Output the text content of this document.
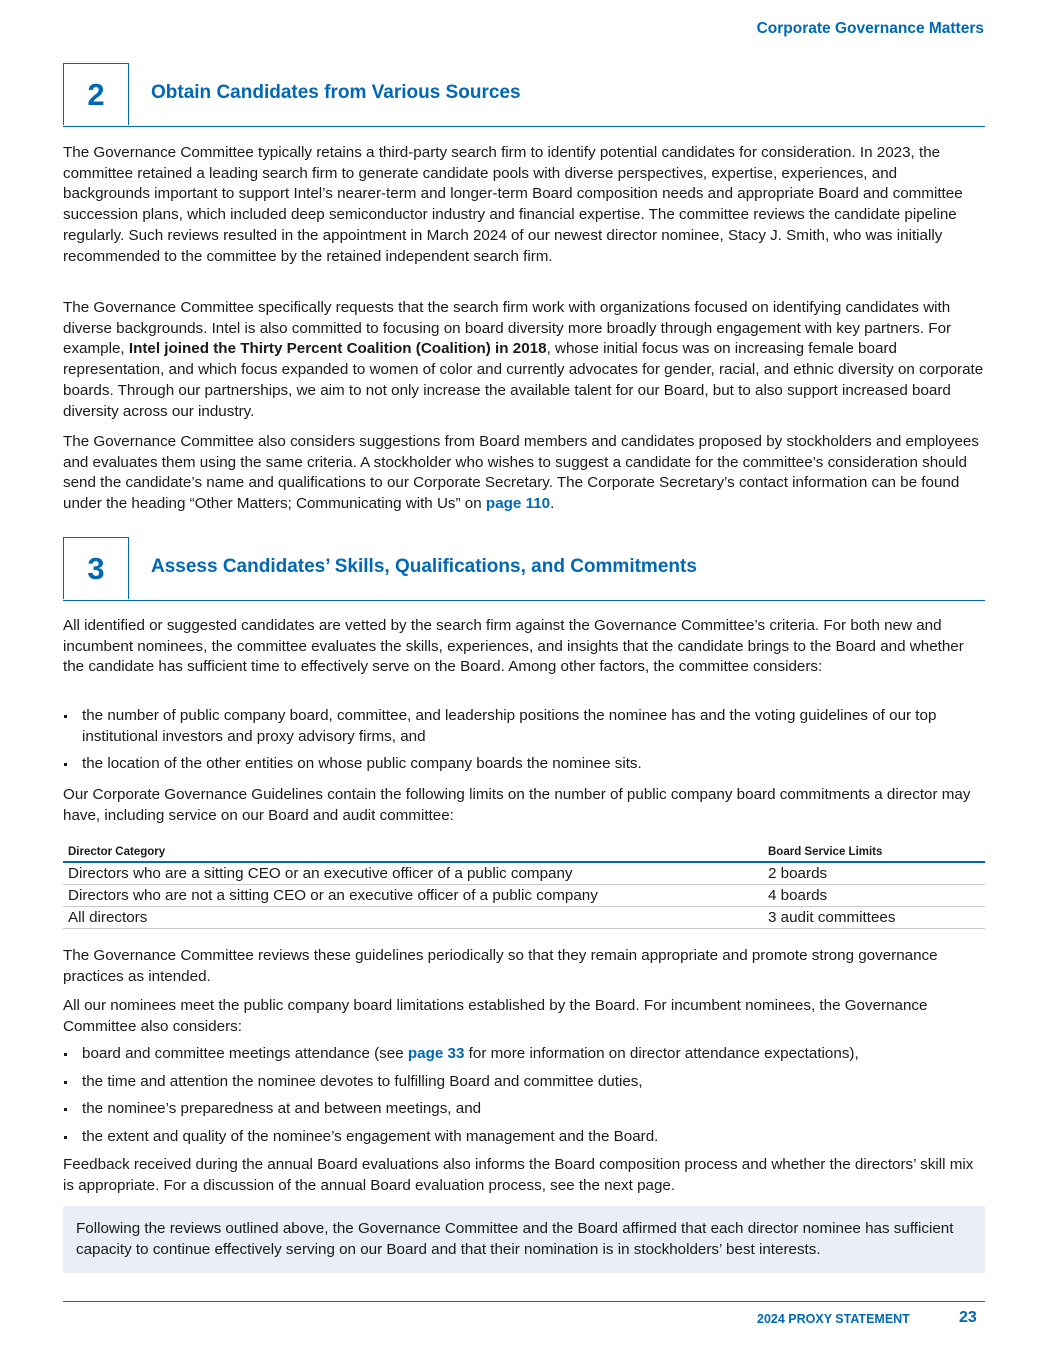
Corporate Governance Matters
2	Obtain Candidates from Various Sources

The Governance Committee typically retains a third-party search firm to identify potential candidates for consideration. In 2023, the committee retained a leading search firm to generate candidate pools with diverse perspectives, expertise, experiences, and backgrounds important to support Intel’s nearer-term and longer-term Board composition needs and appropriate Board and committee succession plans, which included deep semiconductor industry and financial expertise. The committee reviews the candidate pipeline regularly. Such reviews resulted in the appointment in March 2024 of our newest director nominee, Stacy J. Smith, who was initially recommended to the committee by the retained independent search firm.

The Governance Committee specifically requests that the search firm work with organizations focused on identifying candidates with diverse backgrounds. Intel is also committed to focusing on board diversity more broadly through engagement with key partners. For example, Intel joined the Thirty Percent Coalition (Coalition) in 2018, whose initial focus was on increasing female board representation, and which focus expanded to women of color and currently advocates for gender, racial, and ethnic diversity on corporate boards. Through our partnerships, we aim to not only increase the available talent for our Board, but to also support increased board diversity across our industry.

The Governance Committee also considers suggestions from Board members and candidates proposed by stockholders and employees and evaluates them using the same criteria. A stockholder who wishes to suggest a candidate for the committee’s consideration should send the candidate’s name and qualifications to our Corporate Secretary. The Corporate Secretary’s contact information can be found under the heading “Other Matters; Communicating with Us” on page 110.

3	Assess Candidates’ Skills, Qualifications, and Commitments

All identified or suggested candidates are vetted by the search firm against the Governance Committee’s criteria. For both new and incumbent nominees, the committee evaluates the skills, experiences, and insights that the candidate brings to the Board and whether the candidate has sufficient time to effectively serve on the Board. Among other factors, the committee considers:

the number of public company board, committee, and leadership positions the nominee has and the voting guidelines of our top institutional investors and proxy advisory firms, and
the location of the other entities on whose public company boards the nominee sits.

Our Corporate Governance Guidelines contain the following limits on the number of public company board commitments a director may have, including service on our Board and audit committee:

Director Category	Board Service Limits
Directors who are a sitting CEO or an executive officer of a public company	2 boards
Directors who are not a sitting CEO or an executive officer of a public company	4 boards
All directors	3 audit committees

The Governance Committee reviews these guidelines periodically so that they remain appropriate and promote strong governance practices as intended.

All our nominees meet the public company board limitations established by the Board. For incumbent nominees, the Governance Committee also considers:

board and committee meetings attendance (see page 33 for more information on director attendance expectations),
the time and attention the nominee devotes to fulfilling Board and committee duties,
the nominee’s preparedness at and between meetings, and
the extent and quality of the nominee’s engagement with management and the Board.

Feedback received during the annual Board evaluations also informs the Board composition process and whether the directors’ skill mix is appropriate. For a discussion of the annual Board evaluation process, see the next page.

Following the reviews outlined above, the Governance Committee and the Board affirmed that each director nominee has sufficient capacity to continue effectively serving on our Board and that their nomination is in stockholders’ best interests.
2024 PROXY STATEMENT	23
